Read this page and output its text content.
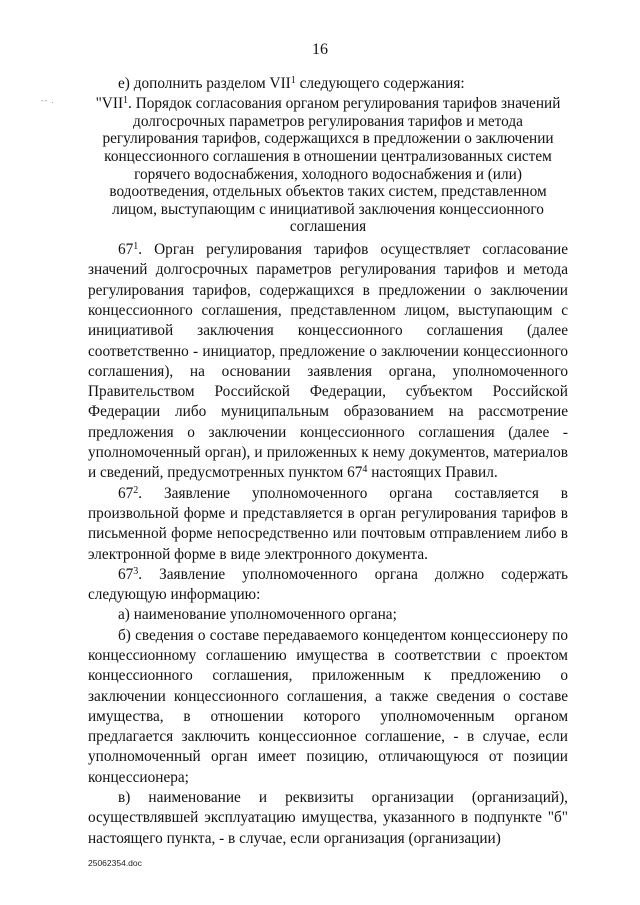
16
-- .

е) дополнить разделом VII$^1$ следующего содержания:

"VII$^1$. Порядок согласования органом регулирования тарифов значений долгосрочных параметров регулирования тарифов и метода регулирования тарифов, содержащихся в предложении о заключении концессионного соглашения в отношении централизованных систем горячего водоснабжения, холодного водоснабжения и (или) водоотведения, отдельных объектов таких систем, представленном лицом, выступающим с инициативой заключения концессионного соглашения

$67^1$. Орган регулирования тарифов осуществляет согласование значений долгосрочных параметров регулирования тарифов и метода регулирования тарифов, содержащихся в предложении о заключении концессионного соглашения, представленном лицом, выступающим с инициативой заключения концессионного соглашения (далее соответственно - инициатор, предложение о заключении концессионного соглашения), на основании заявления органа, уполномоченного Правительством Российской Федерации, субъектом Российской Федерации либо муниципальным образованием на рассмотрение предложения о заключении концессионного соглашения (далее - уполномоченный орган), и приложенных к нему документов, материалов и сведений, предусмотренных пунктом $67^4$ настоящих Правил.

$67^2$. Заявление уполномоченного органа составляется в произвольной форме и представляется в орган регулирования тарифов в письменной форме непосредственно или почтовым отправлением либо в электронной форме в виде электронного документа.

$67^3$. Заявление уполномоченного органа должно содержать следующую информацию:

а) наименование уполномоченного органа;

б) сведения о составе передаваемого концедентом концессионеру по концессионному соглашению имущества в соответствии с проектом концессионного соглашения, приложенным к предложению о заключении концессионного соглашения, а также сведения о составе имущества, в отношении которого уполномоченным органом предлагается заключить концессионное соглашение, - в случае, если уполномоченный орган имеет позицию, отличающуюся от позиции концессионера;

в) наименование и реквизиты организации (организаций), осуществлявшей эксплуатацию имущества, указанного в подпункте "б" настоящего пункта, - в случае, если организация (организации)

25062354.doc
